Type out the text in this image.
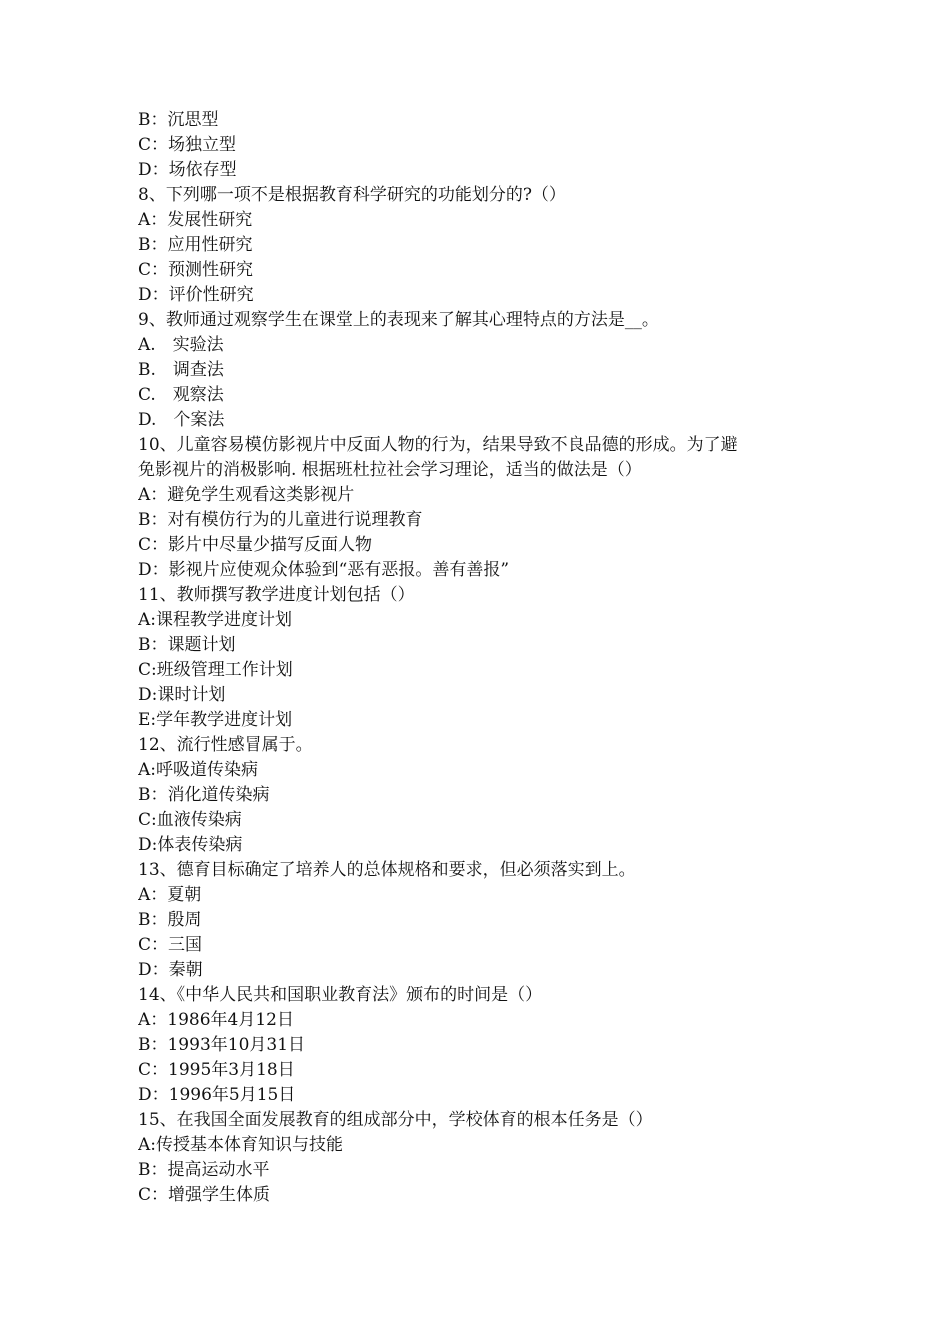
B：沉思型
C：场独立型
D：场依存型
8、下列哪一项不是根据教育科学研究的功能划分的?（）
A：发展性研究
B：应用性研究
C：预测性研究
D：评价性研究
9、教师通过观察学生在课堂上的表现来了解其心理特点的方法是__。
A.　实验法
B.　调查法
C.　观察法
D.　个案法
10、儿童容易模仿影视片中反面人物的行为，结果导致不良品德的形成。为了避
免影视片的消极影响. 根据班杜拉社会学习理论，适当的做法是（）
A：避免学生观看这类影视片
B：对有模仿行为的儿童进行说理教育
C：影片中尽量少描写反面人物
D：影视片应使观众体验到“恶有恶报。善有善报”
11、教师撰写教学进度计划包括（）
A:课程教学进度计划
B：课题计划
C:班级管理工作计划
D:课时计划
E:学年教学进度计划
12、流行性感冒属于。
A:呼吸道传染病
B：消化道传染病
C:血液传染病
D:体表传染病
13、德育目标确定了培养人的总体规格和要求，但必须落实到上。
A：夏朝
B：殷周
C：三国
D：秦朝
14、《中华人民共和国职业教育法》颁布的时间是（）
A：1986年4月12日
B：1993年10月31日
C：1995年3月18日
D：1996年5月15日
15、在我国全面发展教育的组成部分中，学校体育的根本任务是（）
A:传授基本体育知识与技能
B：提高运动水平
C：增强学生体质
